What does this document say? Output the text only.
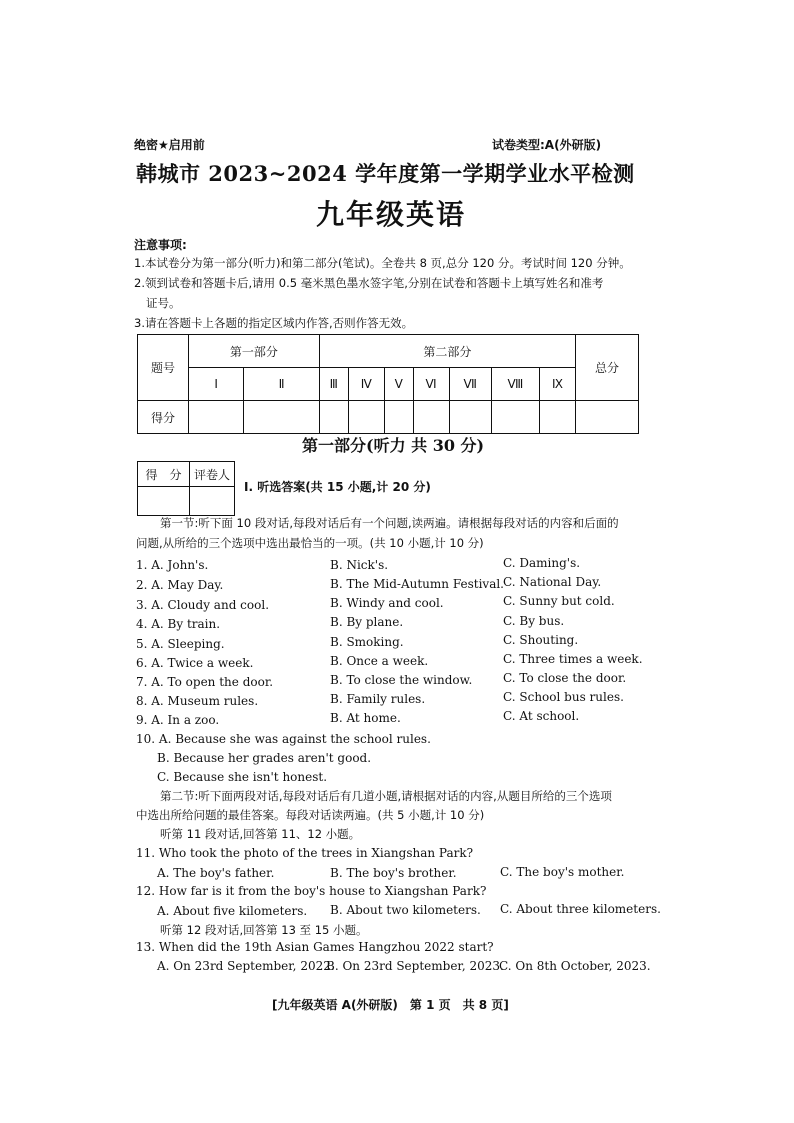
绝密★启用前	试卷类型:A(外研版)
韩城市 2023~2024 学年度第一学期学业水平检测
九年级英语
注意事项:
1.本试卷分为第一部分(听力)和第二部分(笔试)。全卷共 8 页,总分 120 分。考试时间 120 分钟。
2.领到试卷和答题卡后,请用 0.5 毫米黑色墨水签字笔,分别在试卷和答题卡上填写姓名和准考
证号。
3.请在答题卡上各题的指定区域内作答,否则作答无效。
题号	第一部分		第二部分							总分
	Ⅰ	Ⅱ	Ⅲ	Ⅳ	Ⅴ	Ⅵ	Ⅶ	Ⅷ	Ⅸ	
得分										
第一部分(听力 共 30 分)
得　分	评卷人

Ⅰ. 听选答案(共 15 小题,计 20 分)
第一节:听下面 10 段对话,每段对话后有一个问题,读两遍。请根据每段对话的内容和后面的
问题,从所给的三个选项中选出最恰当的一项。(共 10 小题,计 10 分)
1. A. John's.	B. Nick's.	C. Daming's.
2. A. May Day.	B. The Mid-Autumn Festival. C. National Day.
3. A. Cloudy and cool.	B. Windy and cool.	C. Sunny but cold.
4. A. By train.	B. By plane.	C. By bus.
5. A. Sleeping.	B. Smoking.	C. Shouting.
6. A. Twice a week.	B. Once a week.	C. Three times a week.
7. A. To open the door.	B. To close the window.	C. To close the door.
8. A. Museum rules.	B. Family rules.	C. School bus rules.
9. A. In a zoo.	B. At home.	C. At school.
10. A. Because she was against the school rules.
B. Because her grades aren't good.
C. Because she isn't honest.
第二节:听下面两段对话,每段对话后有几道小题,请根据对话的内容,从题目所给的三个选项
中选出所给问题的最佳答案。每段对话读两遍。(共 5 小题,计 10 分)
听第 11 段对话,回答第 11、12 小题。
11. Who took the photo of the trees in Xiangshan Park?
A. The boy's father.	B. The boy's brother.	C. The boy's mother.
12. How far is it from the boy's house to Xiangshan Park?
A. About five kilometers. B. About two kilometers. C. About three kilometers.
听第 12 段对话,回答第 13 至 15 小题。
13. When did the 19th Asian Games Hangzhou 2022 start?
A. On 23rd September, 2022.
B. On 23rd September, 2023.
C. On 8th October, 2023.
[九年级英语 A(外研版)　第 1 页　共 8 页]
